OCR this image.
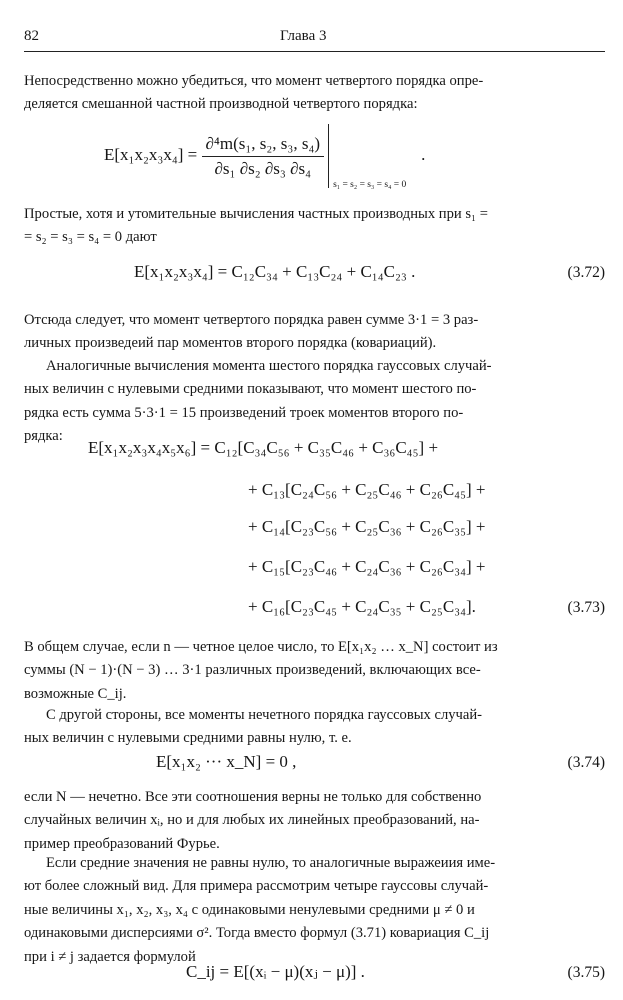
82	Глава 3
Непосредственно можно убедиться, что момент четвертого порядка опре-
деляется смешанной частной производной четвертого порядка:
$E[x_1x_2x_3x_4] = \frac{\text{∂⁴m(s₁, s₂, s₃, s₄)}}{\text{∂s₁ ∂s₂ ∂s₃ ∂s₄}}$
s₁ = s₂ = s₃ = s₄ = 0
.
Простые, хотя и утомительные вычисления частных производных при s₁ =
= s₂ = s₃ = s₄ = 0 дают
E[x₁x₂x₃x₄] = C₁₂C₃₄ + C₁₃C₂₄ + C₁₄C₂₃ .	(3.72)
Отсюда следует, что момент четвертого порядка равен сумме 3·1 = 3 раз-
личных произведеий пар моментов второго порядка (ковариаций).
Аналогичные вычисления момента шестого порядка гауссовых случай-
ных величин с нулевыми средними показывают, что момент шестого по-
рядка есть сумма 5·3·1 = 15 произведений троек моментов второго по-
рядка:
E[x₁x₂x₃x₄x₅x₆] = C₁₂[C₃₄C₅₆ + C₃₅C₄₆ + C₃₆C₄₅] +
+ C₁₃[C₂₄C₅₆ + C₂₅C₄₆ + C₂₆C₄₅] +
+ C₁₄[C₂₃C₅₆ + C₂₅C₃₆ + C₂₆C₃₅] +
+ C₁₅[C₂₃C₄₆ + C₂₄C₃₆ + C₂₆C₃₄] +
+ C₁₆[C₂₃C₄₅ + C₂₄C₃₅ + C₂₅C₃₄].	(3.73)
В общем случае, если n — четное целое число, то E[x₁x₂ … x_N] состоит из
суммы (N − 1)·(N − 3) … 3·1 различных произведений, включающих все-
возможные C_ij.
С другой стороны, все моменты нечетного порядка гауссовых случай-
ных величин с нулевыми средними равны нулю, т. е.
E[x₁x₂ ··· x_N] = 0 ,	(3.74)
если N — нечетно. Все эти соотношения верны не только для собственно
случайных величин xᵢ, но и для любых их линейных преобразований, на-
пример преобразований Фурье.
Если средние значения не равны нулю, то аналогичные выражеиия име-
ют более сложный вид. Для примера рассмотрим четыре гауссовы случай-
ные величины x₁, x₂, x₃, x₄ с одинаковыми ненулевыми средними μ ≠ 0 и
одинаковыми дисперсиями σ². Тогда вместо формул (3.71) ковариация C_ij
при i ≠ j задается формулой
C_ij = E[(xᵢ − μ)(xⱼ − μ)] .	(3.75)
